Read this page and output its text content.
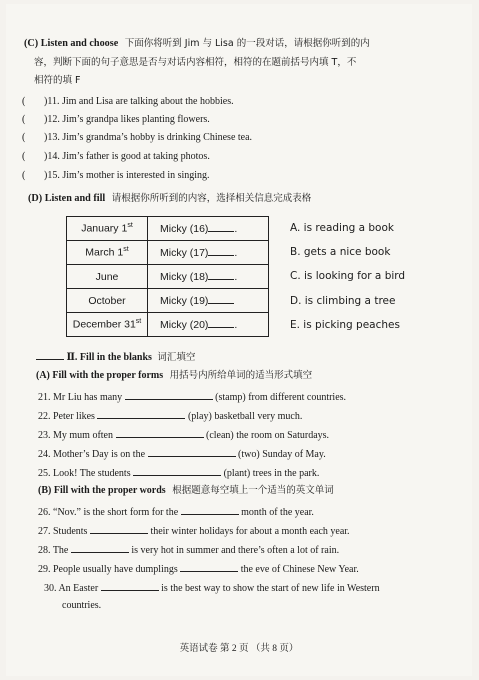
(C) Listen and choose 下面你将听到 Jim 与 Lisa 的一段对话，请根据你听到的内
容，判断下面的句子意思是否与对话内容相符，相符的在题前括号内填 T，不
相符的填 F
( )11. Jim and Lisa are talking about the hobbies.
( )12. Jim’s grandpa likes planting flowers.
( )13. Jim’s grandma’s hobby is drinking Chinese tea.
( )14. Jim’s father is good at taking photos.
( )15. Jim’s mother is interested in singing.
(D) Listen and fill 请根据你所听到的内容，选择相关信息完成表格
January 1st	Micky (16) .
March 1st	Micky (17) .
June	Micky (18) .
October	Micky (19)
December 31st	Micky (20) .
A. is reading a book
B. gets a nice book
C. is looking for a bird
D. is climbing a tree
E. is picking peaches
Ⅱ. Fill in the blanks 词汇填空
(A) Fill with the proper forms 用括号内所给单词的适当形式填空
21. Mr Liu has many	(stamp) from different countries.
22. Peter likes	(play) basketball very much.
23. My mum often	(clean) the room on Saturdays.
24. Mother’s Day is on the	(two) Sunday of May.
25. Look! The students	(plant) trees in the park.
(B) Fill with the proper words 根据题意每空填上一个适当的英文单词
26. “Nov.” is the short form for the	month of the year.
27. Students	their winter holidays for about a month each year.
28. The	is very hot in summer and there’s often a lot of rain.
29. People usually have dumplings	the eve of Chinese New Year.
30. An Easter	is the best way to show the start of new life in Western
countries.
英语试卷 第 2 页 （共 8 页）
